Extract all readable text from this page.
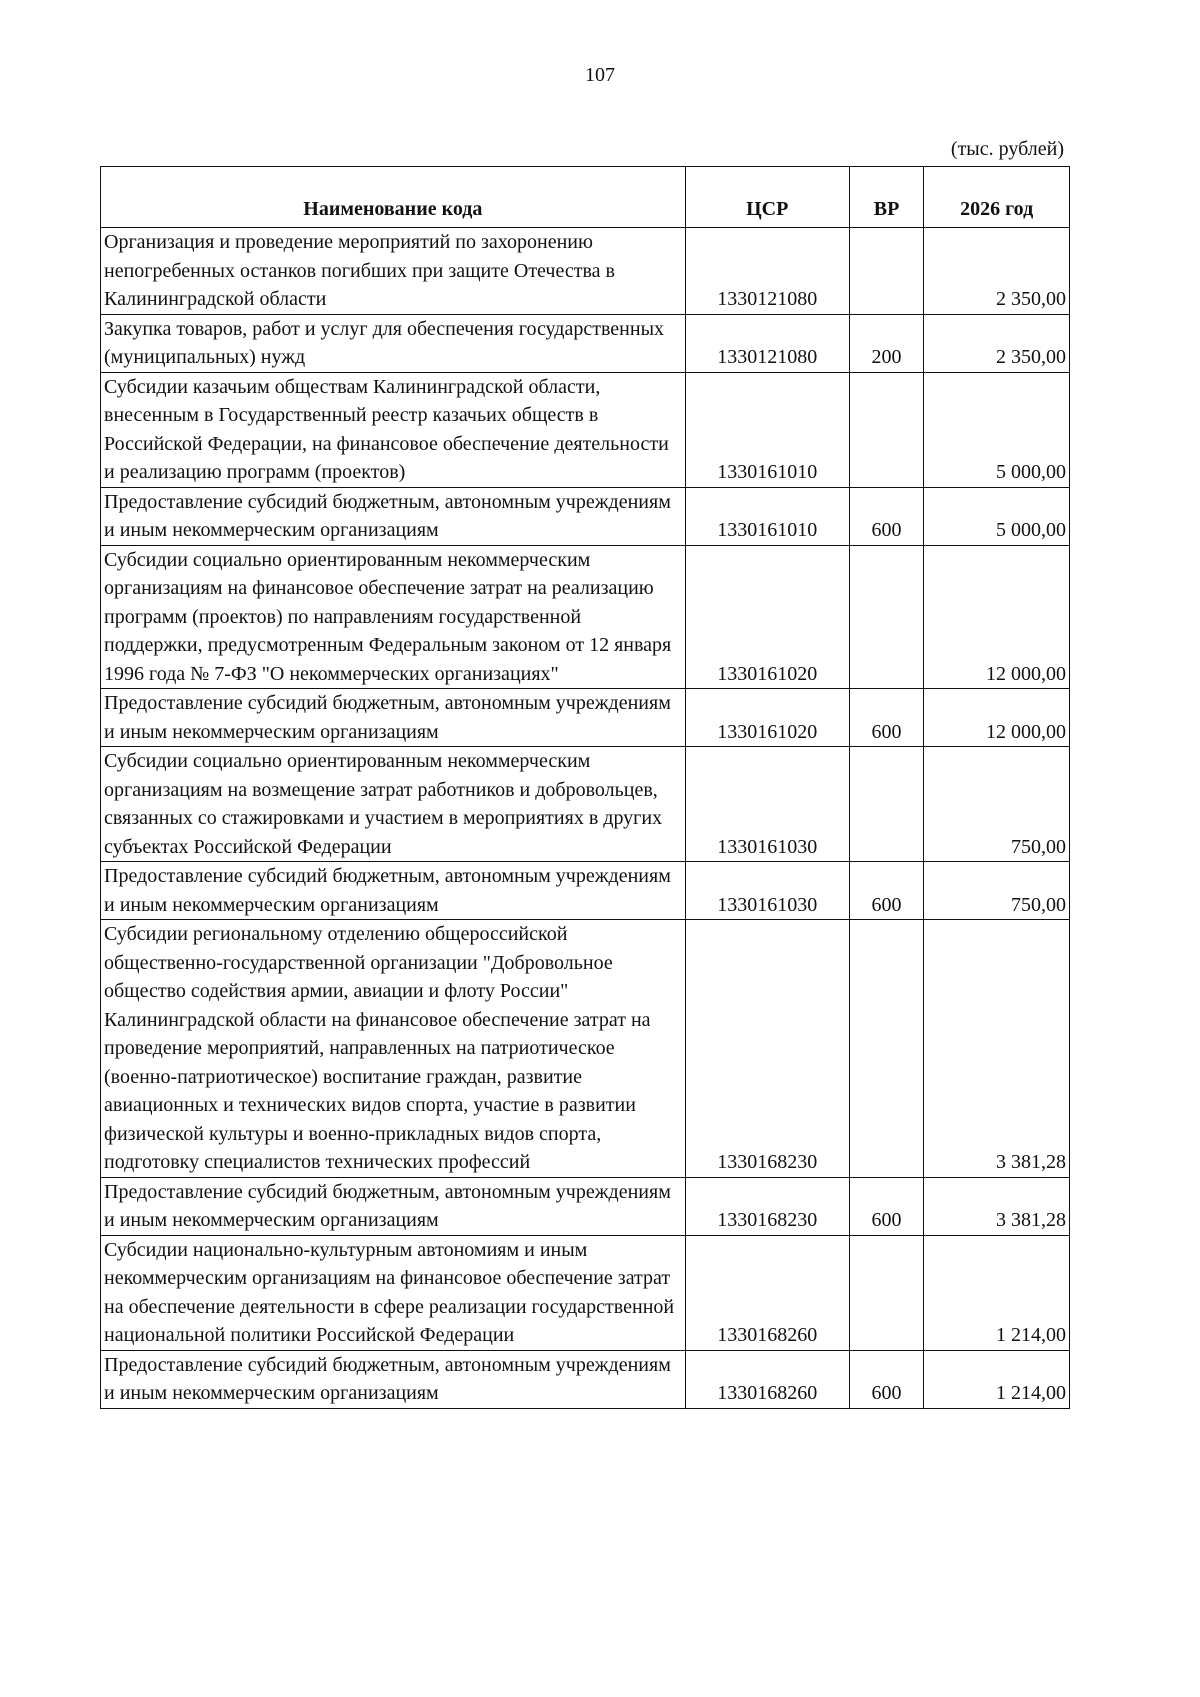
107
(тыс. рублей)
Наименование кода	ЦСР	ВР	2026 год
Организация и проведение мероприятий по захоронению непогребенных останков погибших при защите Отечества в Калининградской области	1330121080		2 350,00
Закупка товаров, работ и услуг для обеспечения государственных (муниципальных) нужд	1330121080	200	2 350,00
Субсидии казачьим обществам Калининградской области, внесенным в Государственный реестр казачьих обществ в Российской Федерации, на финансовое обеспечение деятельности и реализацию программ (проектов)	1330161010		5 000,00
Предоставление субсидий бюджетным, автономным учреждениям и иным некоммерческим организациям	1330161010	600	5 000,00
Субсидии социально ориентированным некоммерческим организациям на финансовое обеспечение затрат на реализацию программ (проектов) по направлениям государственной поддержки, предусмотренным Федеральным законом от 12 января 1996 года № 7-ФЗ "О некоммерческих организациях"	1330161020		12 000,00
Предоставление субсидий бюджетным, автономным учреждениям и иным некоммерческим организациям	1330161020	600	12 000,00
Субсидии социально ориентированным некоммерческим организациям на возмещение затрат работников и добровольцев, связанных со стажировками и участием в мероприятиях в других субъектах Российской Федерации	1330161030		750,00
Предоставление субсидий бюджетным, автономным учреждениям и иным некоммерческим организациям	1330161030	600	750,00
Субсидии региональному отделению общероссийской общественно-государственной организации "Добровольное общество содействия армии, авиации и флоту России" Калининградской области на финансовое обеспечение затрат на проведение мероприятий, направленных на патриотическое (военно-патриотическое) воспитание граждан, развитие авиационных и технических видов спорта, участие в развитии физической культуры и военно-прикладных видов спорта, подготовку специалистов технических профессий	1330168230		3 381,28
Предоставление субсидий бюджетным, автономным учреждениям и иным некоммерческим организациям	1330168230	600	3 381,28
Субсидии национально-культурным автономиям и иным некоммерческим организациям на финансовое обеспечение затрат на обеспечение деятельности в сфере реализации государственной национальной политики Российской Федерации	1330168260		1 214,00
Предоставление субсидий бюджетным, автономным учреждениям и иным некоммерческим организациям	1330168260	600	1 214,00
